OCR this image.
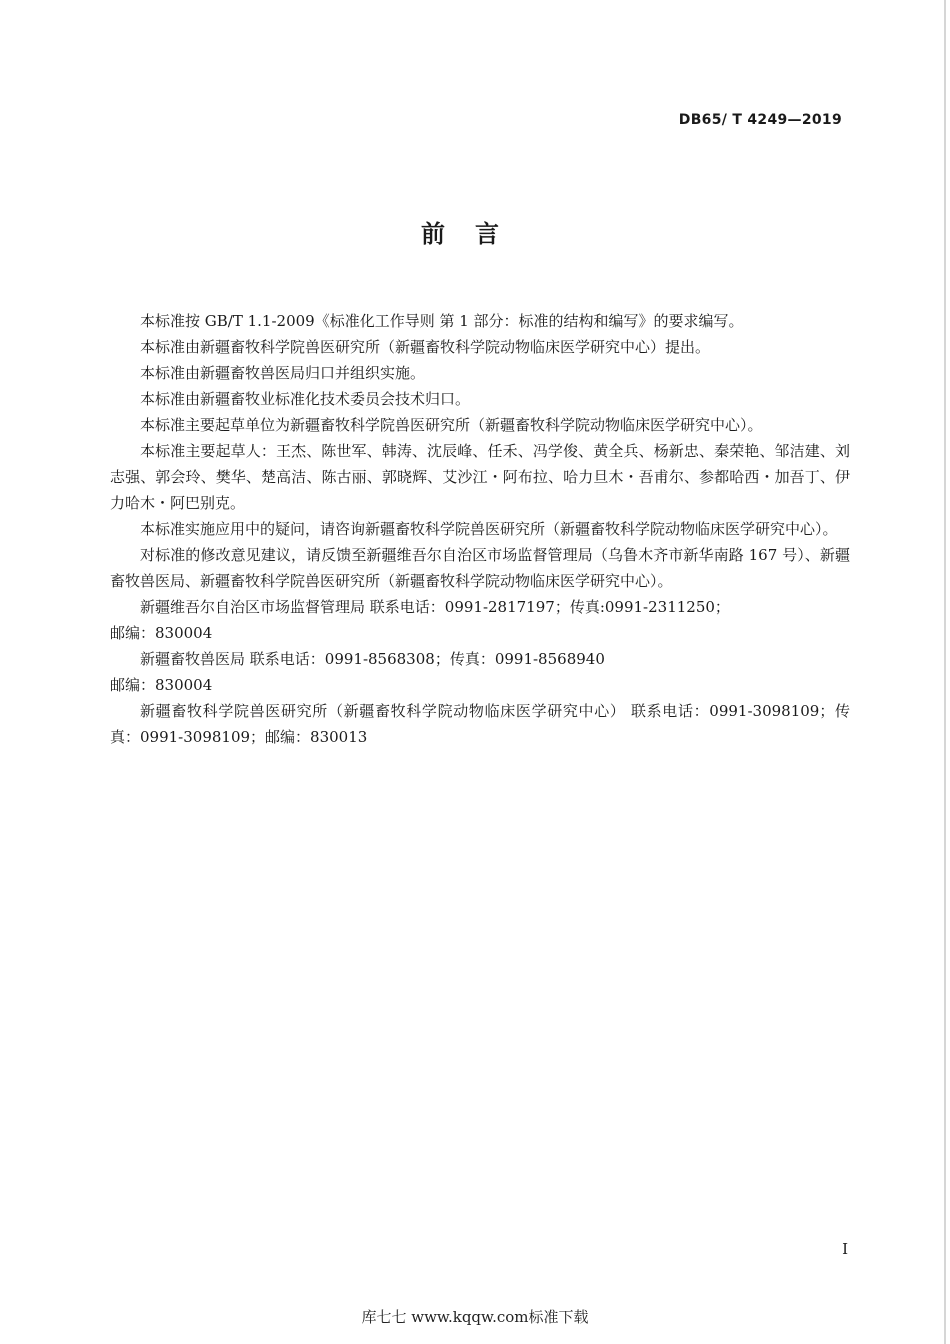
DB65/ T 4249—2019
前言

本标准按 GB/T 1.1-2009《标准化工作导则 第 1 部分：标准的结构和编写》的要求编写。

本标准由新疆畜牧科学院兽医研究所（新疆畜牧科学院动物临床医学研究中心）提出。

本标准由新疆畜牧兽医局归口并组织实施。

本标准由新疆畜牧业标准化技术委员会技术归口。

本标准主要起草单位为新疆畜牧科学院兽医研究所（新疆畜牧科学院动物临床医学研究中心）。

本标准主要起草人：王杰、陈世军、韩涛、沈辰峰、任禾、冯学俊、黄全兵、杨新忠、秦荣艳、邹洁建、刘志强、郭会玲、樊华、楚高洁、陈古丽、郭晓辉、艾沙江・阿布拉、哈力旦木・吾甫尔、参都哈西・加吾丁、伊力哈木・阿巴别克。

本标准实施应用中的疑问，请咨询新疆畜牧科学院兽医研究所（新疆畜牧科学院动物临床医学研究中心）。

对标准的修改意见建议，请反馈至新疆维吾尔自治区市场监督管理局（乌鲁木齐市新华南路 167 号）、新疆畜牧兽医局、新疆畜牧科学院兽医研究所（新疆畜牧科学院动物临床医学研究中心）。

新疆维吾尔自治区市场监督管理局 联系电话：0991-2817197；传真:0991-2311250；

邮编：830004

新疆畜牧兽医局 联系电话：0991-8568308；传真：0991-8568940

邮编：830004

新疆畜牧科学院兽医研究所（新疆畜牧科学院动物临床医学研究中心） 联系电话：0991-3098109；传真：0991-3098109；邮编：830013

I
库七七 www.kqqw.com标准下载
